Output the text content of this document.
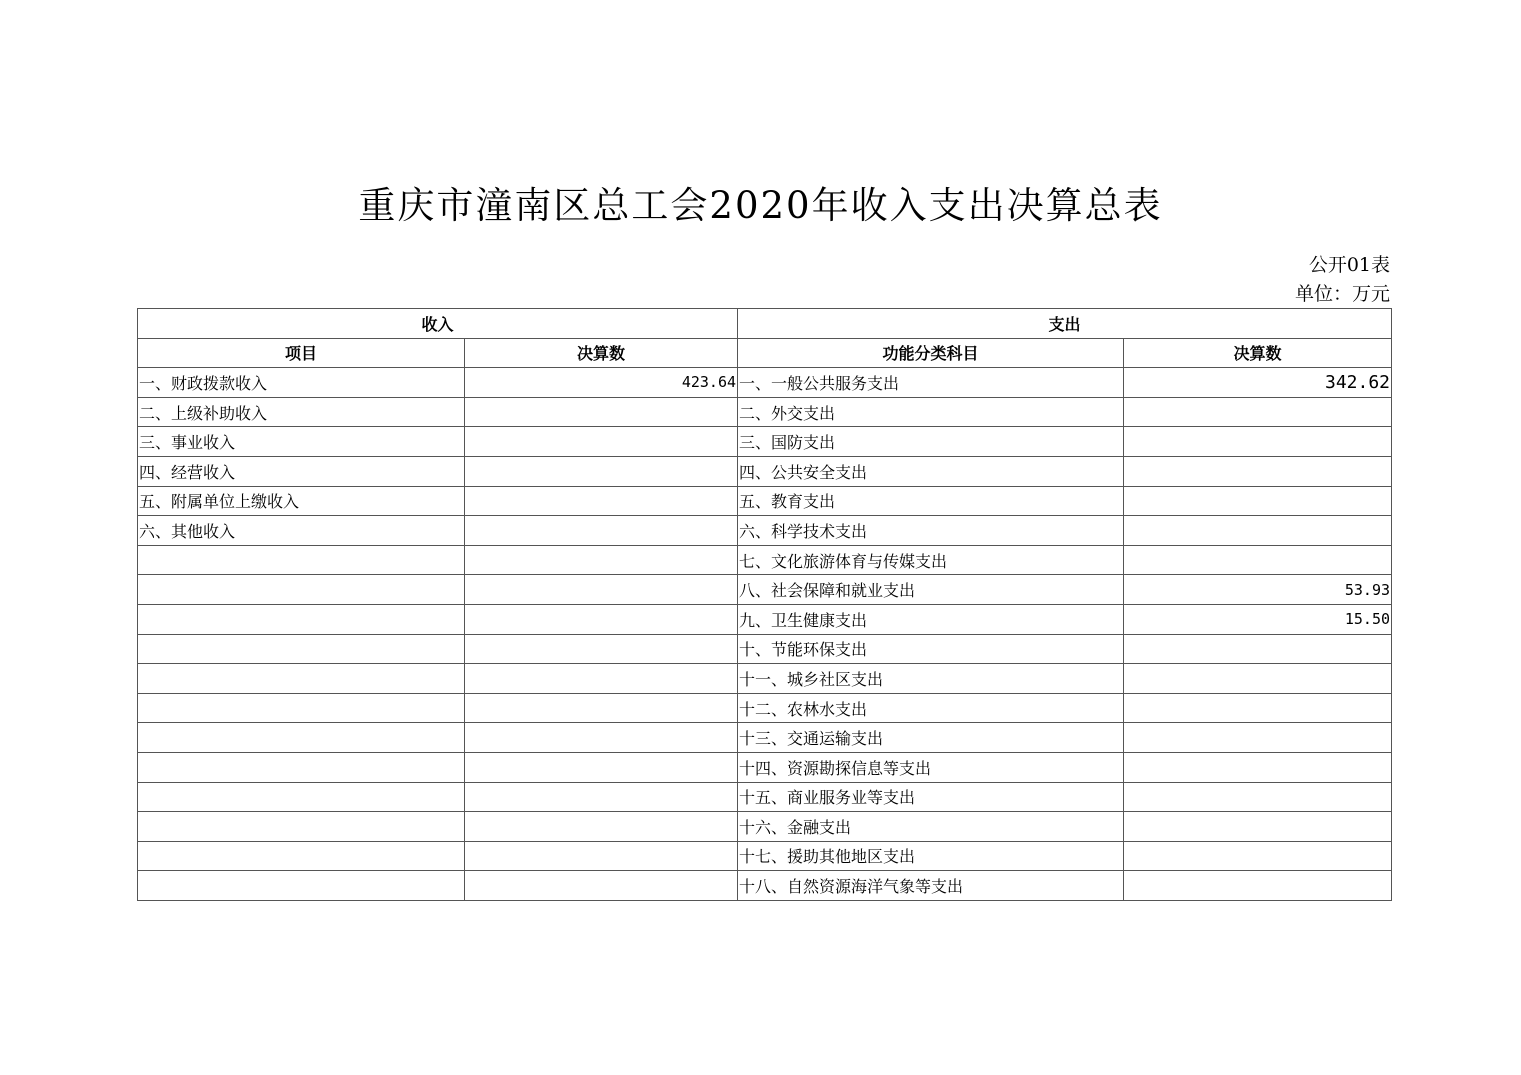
重庆市潼南区总工会2020年收入支出决算总表
公开01表
单位：万元
收入		支出	
项目	决算数	功能分类科目	决算数
一、财政拨款收入	423.64	一、一般公共服务支出	342.62
二、上级补助收入		二、外交支出	
三、事业收入		三、国防支出	
四、经营收入		四、公共安全支出	
五、附属单位上缴收入		五、教育支出	
六、其他收入		六、科学技术支出	
		七、文化旅游体育与传媒支出	
		八、社会保障和就业支出	53.93
		九、卫生健康支出	15.50
		十、节能环保支出	
		十一、城乡社区支出	
		十二、农林水支出	
		十三、交通运输支出	
		十四、资源勘探信息等支出	
		十五、商业服务业等支出	
		十六、金融支出	
		十七、援助其他地区支出	
		十八、自然资源海洋气象等支出	
